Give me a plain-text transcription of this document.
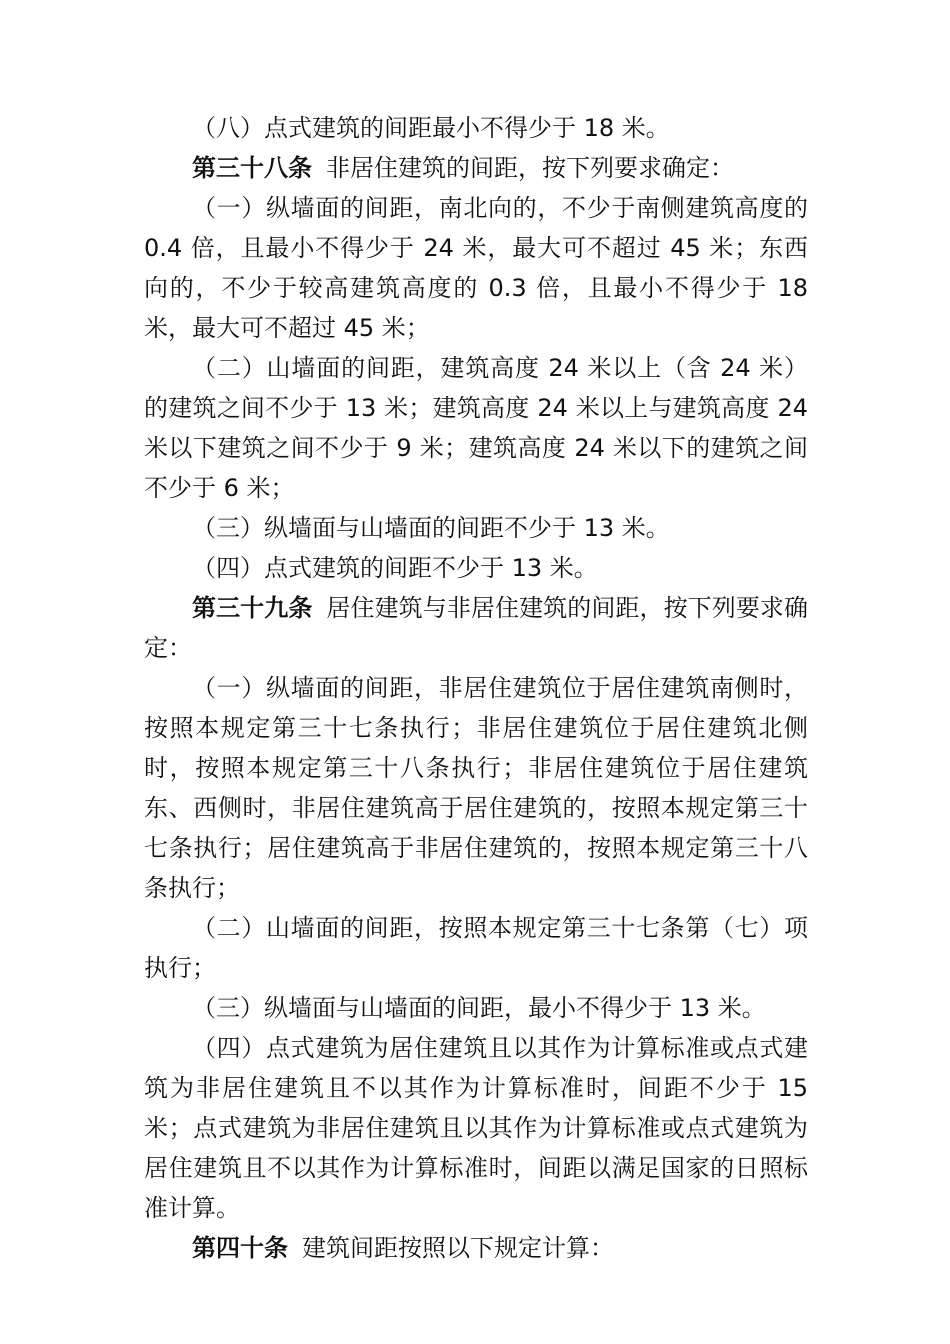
（八）点式建筑的间距最小不得少于 18 米。

第三十八条 非居住建筑的间距，按下列要求确定：

（一）纵墙面的间距，南北向的，不少于南侧建筑高度的 0.4 倍，且最小不得少于 24 米，最大可不超过 45 米；东西向的，不少于较高建筑高度的 0.3 倍，且最小不得少于 18 米，最大可不超过 45 米；

（二）山墙面的间距，建筑高度 24 米以上（含 24 米）的建筑之间不少于 13 米；建筑高度 24 米以上与建筑高度 24 米以下建筑之间不少于 9 米；建筑高度 24 米以下的建筑之间不少于 6 米；

（三）纵墙面与山墙面的间距不少于 13 米。

（四）点式建筑的间距不少于 13 米。

第三十九条 居住建筑与非居住建筑的间距，按下列要求确定：

（一）纵墙面的间距，非居住建筑位于居住建筑南侧时，按照本规定第三十七条执行；非居住建筑位于居住建筑北侧时，按照本规定第三十八条执行；非居住建筑位于居住建筑东、西侧时，非居住建筑高于居住建筑的，按照本规定第三十七条执行；居住建筑高于非居住建筑的，按照本规定第三十八条执行；

（二）山墙面的间距，按照本规定第三十七条第（七）项执行；

（三）纵墙面与山墙面的间距，最小不得少于 13 米。

（四）点式建筑为居住建筑且以其作为计算标准或点式建筑为非居住建筑且不以其作为计算标准时，间距不少于 15 米；点式建筑为非居住建筑且以其作为计算标准或点式建筑为居住建筑且不以其作为计算标准时，间距以满足国家的日照标准计算。

第四十条 建筑间距按照以下规定计算：
